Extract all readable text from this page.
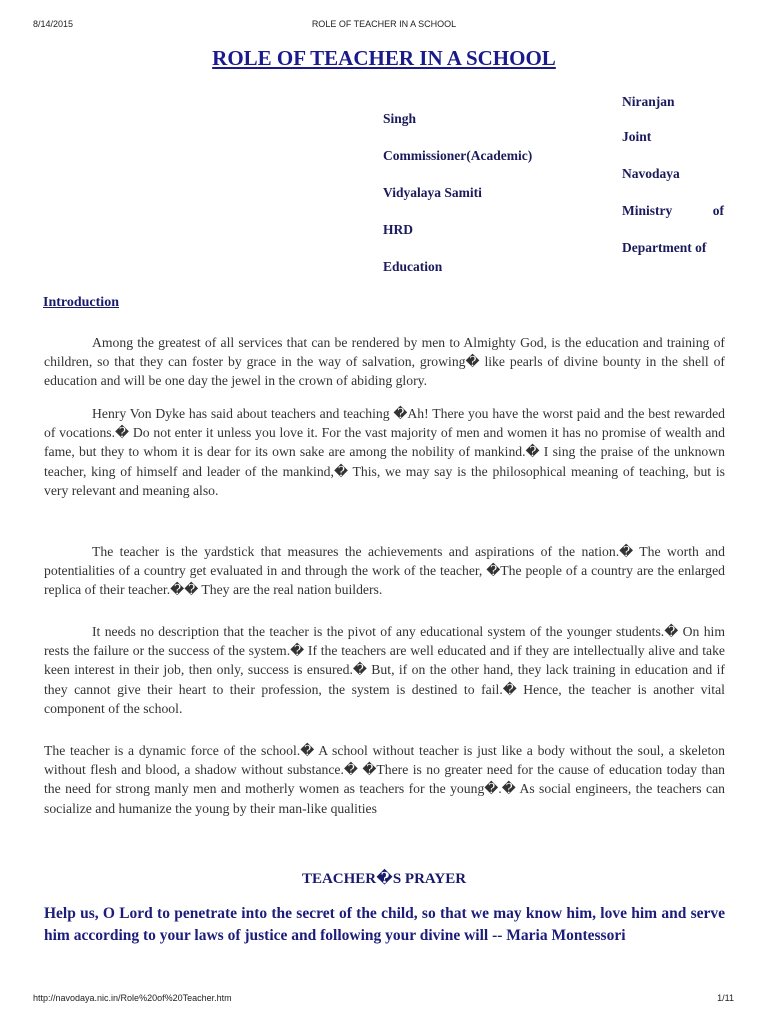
8/14/2015	ROLE OF TEACHER IN A SCHOOL
ROLE OF TEACHER IN A SCHOOL
Niranjan
Singh
Joint
Commissioner(Academic)
Navodaya
Vidyalaya Samiti
Ministry	of
HRD
Department of
Education
Introduction

Among the greatest of all services that can be rendered by men to Almighty God, is the education and training of children, so that they can foster by grace in the way of salvation, growing� like pearls of divine bounty in the shell of education and will be one day the jewel in the crown of abiding glory.

Henry Von Dyke has said about teachers and teaching �Ah! There you have the worst paid and the best rewarded of vocations.� Do not enter it unless you love it. For the vast majority of men and women it has no promise of wealth and fame, but they to whom it is dear for its own sake are among the nobility of mankind.� I sing the praise of the unknown teacher, king of himself and leader of the mankind,� This, we may say is the philosophical meaning of teaching, but is very relevant and meaning also.

The teacher is the yardstick that measures the achievements and aspirations of the nation.� The worth and potentialities of a country get evaluated in and through the work of the teacher, �The people of a country are the enlarged replica of their teacher.�� They are the real nation builders.

It needs no description that the teacher is the pivot of any educational system of the younger students.� On him rests the failure or the success of the system.� If the teachers are well educated and if they are intellectually alive and take keen interest in their job, then only, success is ensured.� But, if on the other hand, they lack training in education and if they cannot give their heart to their profession, the system is destined to fail.� Hence, the teacher is another vital component of the school.

The teacher is a dynamic force of the school.� A school without teacher is just like a body without the soul, a skeleton without flesh and blood, a shadow without substance.� �There is no greater need for the cause of education today than the need for strong manly men and motherly women as teachers for the young�.� As social engineers, the teachers can socialize and humanize the young by their man-like qualities

TEACHER�S PRAYER

Help us, O Lord to penetrate into the secret of the child, so that we may know him, love him and serve him according to your laws of justice and following your divine will -- Maria Montessori

http://navodaya.nic.in/Role%20of%20Teacher.htm	1/11
